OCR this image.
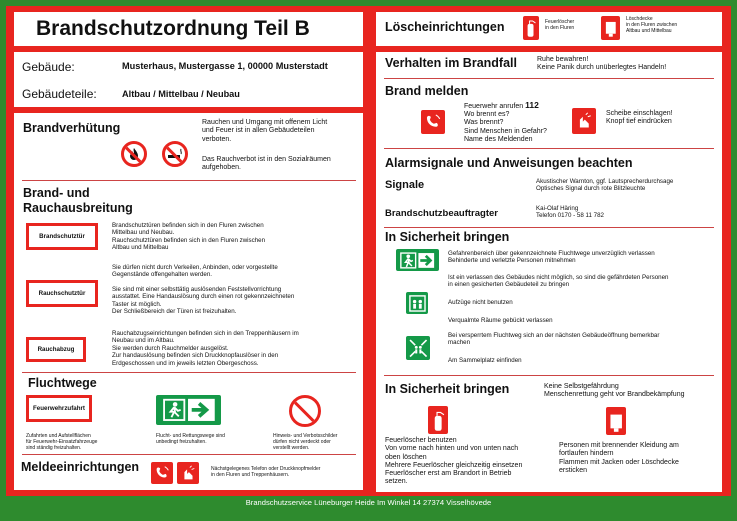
Brandschutzordnung Teil B
Gebäude:	Musterhaus, Mustergasse 1, 00000 Musterstadt
Gebäudeteile:	Altbau / Mittelbau / Neubau
Brandverhütung	Rauchen und Umgang mit offenem Licht
und Feuer ist in allen Gebäudeteilen
verboten.
Das Rauchverbot ist in den Sozialräumen
aufgehoben.
Brand- und
Rauchausbreitung
Brandschutztür
Brandschutztüren befinden sich in den Fluren zwischen
Mittelbau und Neubau.
Rauchschutztüren befinden sich in den Fluren zwischen
Altbau und Mittelbau
Sie dürfen nicht durch Verkeilen, Anbinden, oder vorgestellte
Gegenstände offengehalten werden.
Rauchschutztür
Sie sind mit einer selbsttätig auslösenden Feststellvorrichtung
ausstattet. Eine Handauslösung durch einen rot gekennzeichneten
Taster ist möglich.
Der Schließbereich der Türen ist freizuhalten.
Rauchabzug
Rauchabzugseinrichtungen befinden sich in den Treppenhäusern im
Neubau und im Altbau.
Sie werden durch Rauchmelder ausgelöst.
Zur handauslösung befinden sich Druckknopfauslöser in den
Erdgeschossen und im jeweils letzten Obergeschoss.
Fluchtwege
Feuerwehrzufahrt
Zufahrten und Aufstellflächen
für Feuerwehr-Einsatzfahrzeuge
sind ständig freizuhalten.
Flucht- und Rettungswege sind
unbedingt freizuhalten.
Hinweis- und Verbotsschilder
dürfen nicht verdeckt oder
verstellt werden.
Meldeeinrichtungen	Nächstgelegenes Telefon oder Druckknopfmelder
in den Fluren und Treppenhäusern.
Löscheinrichtungen	Feuerlöscher
in den Fluren
Löschdecke
in den Fluren zwischen
Altbau und Mittelbau
Verhalten im Brandfall	Ruhe bewahren!
Keine Panik durch unüberlegtes Handeln!
Brand melden
Feuerwehr anrufen 112
Wo brennt es?
Was brennt?
Sind Menschen in Gefahr?
Name des Meldenden
Scheibe einschlagen!
Knopf tief eindrücken
Alarmsignale und Anweisungen beachten
Signale	Akustischer Warnton, ggf. Lautsprecherdurchsage
Optisches Signal durch rote Blitzleuchte
Brandschutzbeauftragter	Kai-Olaf Häring
Telefon 0170 - 58 11 782
In Sicherheit bringen
Gefahrenbereich über gekennzeichnete Fluchtwege unverzüglich verlassen
Behinderte und verletzte Personen mitnehmen
Ist ein verlassen des Gebäudes nicht möglich, so sind die gefährdeten Personen
in einen gesicherten Gebäudeteil zu bringen
Aufzüge nicht benutzen
Verqualmte Räume gebückt verlassen
Bei versperrtem Fluchtweg sich an der nächsten Gebäudeöffnung bemerkbar
machen
Am Sammelplatz einfinden
In Sicherheit bringen	Keine Selbstgefährdung
Menschenrettung geht vor Brandbekämpfung
Feuerlöscher benutzen
Von vorne nach hinten und von unten nach
oben löschen
Mehrere Feuerlöscher gleichzeitig einsetzen
Feuerlöscher erst am Brandort in Betrieb
setzen.
Personen mit brennender Kleidung am
fortlaufen hindern
Flammen mit Jacken oder Löschdecke
ersticken
Brandschutzservice Lüneburger Heide Im Winkel 14 27374 Visselhövede
